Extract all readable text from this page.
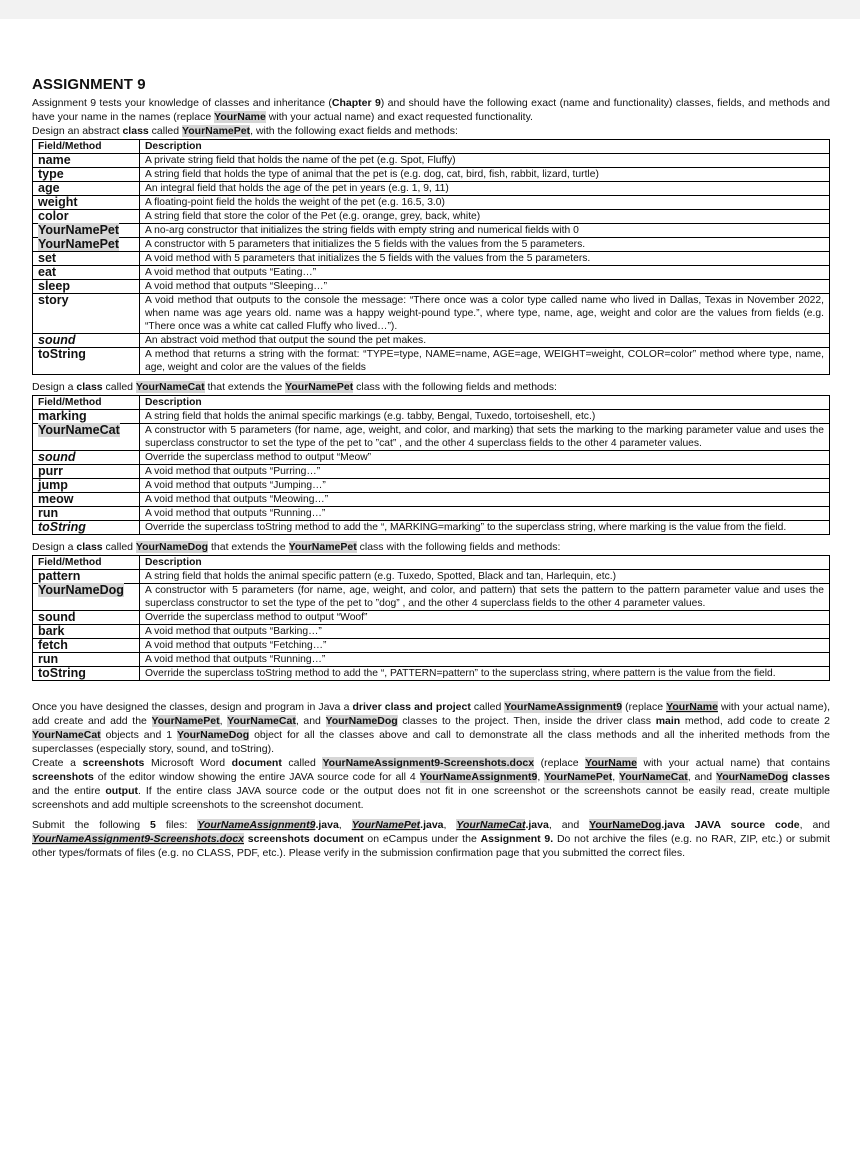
ASSIGNMENT 9

Assignment 9 tests your knowledge of classes and inheritance (Chapter 9) and should have the following exact (name and functionality) classes, fields, and methods and have your name in the names (replace YourName with your actual name) and exact requested functionality.

Design an abstract class called YourNamePet, with the following exact fields and methods:

Field/Method	Description
name	A private string field that holds the name of the pet (e.g. Spot, Fluffy)
type	A string field that holds the type of animal that the pet is (e.g. dog, cat, bird, fish, rabbit, lizard, turtle)
age	An integral field that holds the age of the pet in years (e.g. 1, 9, 11)
weight	A floating-point field the holds the weight of the pet (e.g. 16.5, 3.0)
color	A string field that store the color of the Pet (e.g. orange, grey, back, white)
YourNamePet	A no-arg constructor that initializes the string fields with empty string and numerical fields with 0
YourNamePet	A constructor with 5 parameters that initializes the 5 fields with the values from the 5 parameters.
set	A void method with 5 parameters that initializes the 5 fields with the values from the 5 parameters.
eat	A void method that outputs “Eating…”
sleep	A void method that outputs “Sleeping…”
story	A void method that outputs to the console the message: “There once was a color type called name who lived in Dallas, Texas in November 2022, when name was age years old. name was a happy weight-pound type.”, where type, name, age, weight and color are the values from fields (e.g. “There once was a white cat called Fluffy who lived…”).
sound	An abstract void method that output the sound the pet makes.
toString	A method that returns a string with the format: “TYPE=type, NAME=name, AGE=age, WEIGHT=weight, COLOR=color” method where type, name, age, weight and color are the values of the fields

Design a class called YourNameCat that extends the YourNamePet class with the following fields and methods:

Field/Method	Description
marking	A string field that holds the animal specific markings (e.g. tabby, Bengal, Tuxedo, tortoiseshell, etc.)
YourNameCat	A constructor with 5 parameters (for name, age, weight, and color, and marking) that sets the marking to the marking parameter value and uses the superclass constructor to set the type of the pet to ”cat” , and the other 4 superclass fields to the other 4 parameter values.
sound	Override the superclass method to output “Meow”
purr	A void method that outputs “Purring…”
jump	A void method that outputs “Jumping…”
meow	A void method that outputs “Meowing…”
run	A void method that outputs “Running…”
toString	Override the superclass toString method to add the “, MARKING=marking” to the superclass string, where marking is the value from the field.

Design a class called YourNameDog that extends the YourNamePet class with the following fields and methods:

Field/Method	Description
pattern	A string field that holds the animal specific pattern (e.g. Tuxedo, Spotted, Black and tan, Harlequin, etc.)
YourNameDog	A constructor with 5 parameters (for name, age, weight, and color, and pattern) that sets the pattern to the pattern parameter value and uses the superclass constructor to set the type of the pet to ”dog” , and the other 4 superclass fields to the other 4 parameter values.
sound	Override the superclass method to output “Woof”
bark	A void method that outputs “Barking…”
fetch	A void method that outputs “Fetching…”
run	A void method that outputs “Running…”
toString	Override the superclass toString method to add the “, PATTERN=pattern” to the superclass string, where pattern is the value from the field.

Once you have designed the classes, design and program in Java a driver class and project called YourNameAssignment9 (replace YourName with your actual name), add create and add the YourNamePet, YourNameCat, and YourNameDog classes to the project. Then, inside the driver class main method, add code to create 2 YourNameCat objects and 1 YourNameDog object for all the classes above and call to demonstrate all the class methods and all the inherited methods from the superclasses (especially story, sound, and toString).

Create a screenshots Microsoft Word document called YourNameAssignment9-Screenshots.docx (replace YourName with your actual name) that contains screenshots of the editor window showing the entire JAVA source code for all 4 YourNameAssignment9, YourNamePet, YourNameCat, and YourNameDog classes and the entire output. If the entire class JAVA source code or the output does not fit in one screenshot or the screenshots cannot be easily read, create multiple screenshots and add multiple screenshots to the screenshot document.

Submit the following 5 files: YourNameAssignment9.java, YourNamePet.java, YourNameCat.java, and YourNameDog.java JAVA source code, and YourNameAssignment9-Screenshots.docx screenshots document on eCampus under the Assignment 9. Do not archive the files (e.g. no RAR, ZIP, etc.) or submit other types/formats of files (e.g. no CLASS, PDF, etc.). Please verify in the submission confirmation page that you submitted the correct files.
